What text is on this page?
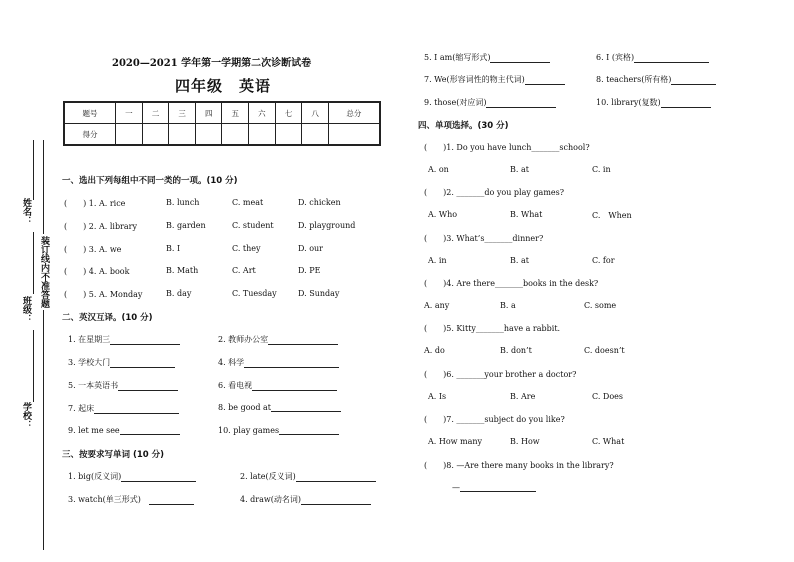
姓名：
班级：
学校：
装订线内不准答题
2020—2021 学年第一学期第二次诊断试卷
四年级　英语
题号	一	二	三	四	五	六	七	八	总分
得分									
一、选出下列每组中不同一类的一项。(10 分)
(　　) 1. A. rice	B. lunch	C. meat	D. chicken
(　　) 2. A. library	B. garden	C. student	D. playground
(　　) 3. A. we	B. I	C. they	D. our
(　　) 4. A. book	B. Math	C. Art	D. PE
(　　) 5. A. Monday	B. day	C. Tuesday	D. Sunday
二、英汉互译。(10 分)
1. 在星期三	2. 教师办公室
3. 学校大门	4. 科学
5. 一本英语书	6. 看电视
7. 起床	8. be good at
9. let me see	10. play games
三、按要求写单词 (10 分)
1. big(反义词)	2. late(反义词)
3. watch(单三形式)	4. draw(动名词)
5. I am(缩写形式)	6. I (宾格)
7. We(形容词性的物主代词)	8. teachers(所有格)
9. those(对应词)	10. library(复数)
四、单项选择。(30 分)
(　　)1. Do you have lunch_______school?
A. on	B. at	C. in
(　　)2. _______do you play games?
A. Who	B. What	C.　When
(　　)3. What’s_______dinner?
A. in	B. at	C. for
(　　)4. Are there_______books in the desk?
A. any	B. a	C. some
(　　)5. Kitty_______have a rabbit.
A. do	B. don’t	C. doesn’t
(　　)6. _______your brother a doctor?
A. Is	B. Are	C. Does
(　　)7. _______subject do you like?
A. How many	B. How	C. What
(　　)8. —Are there many books in the library?
—
